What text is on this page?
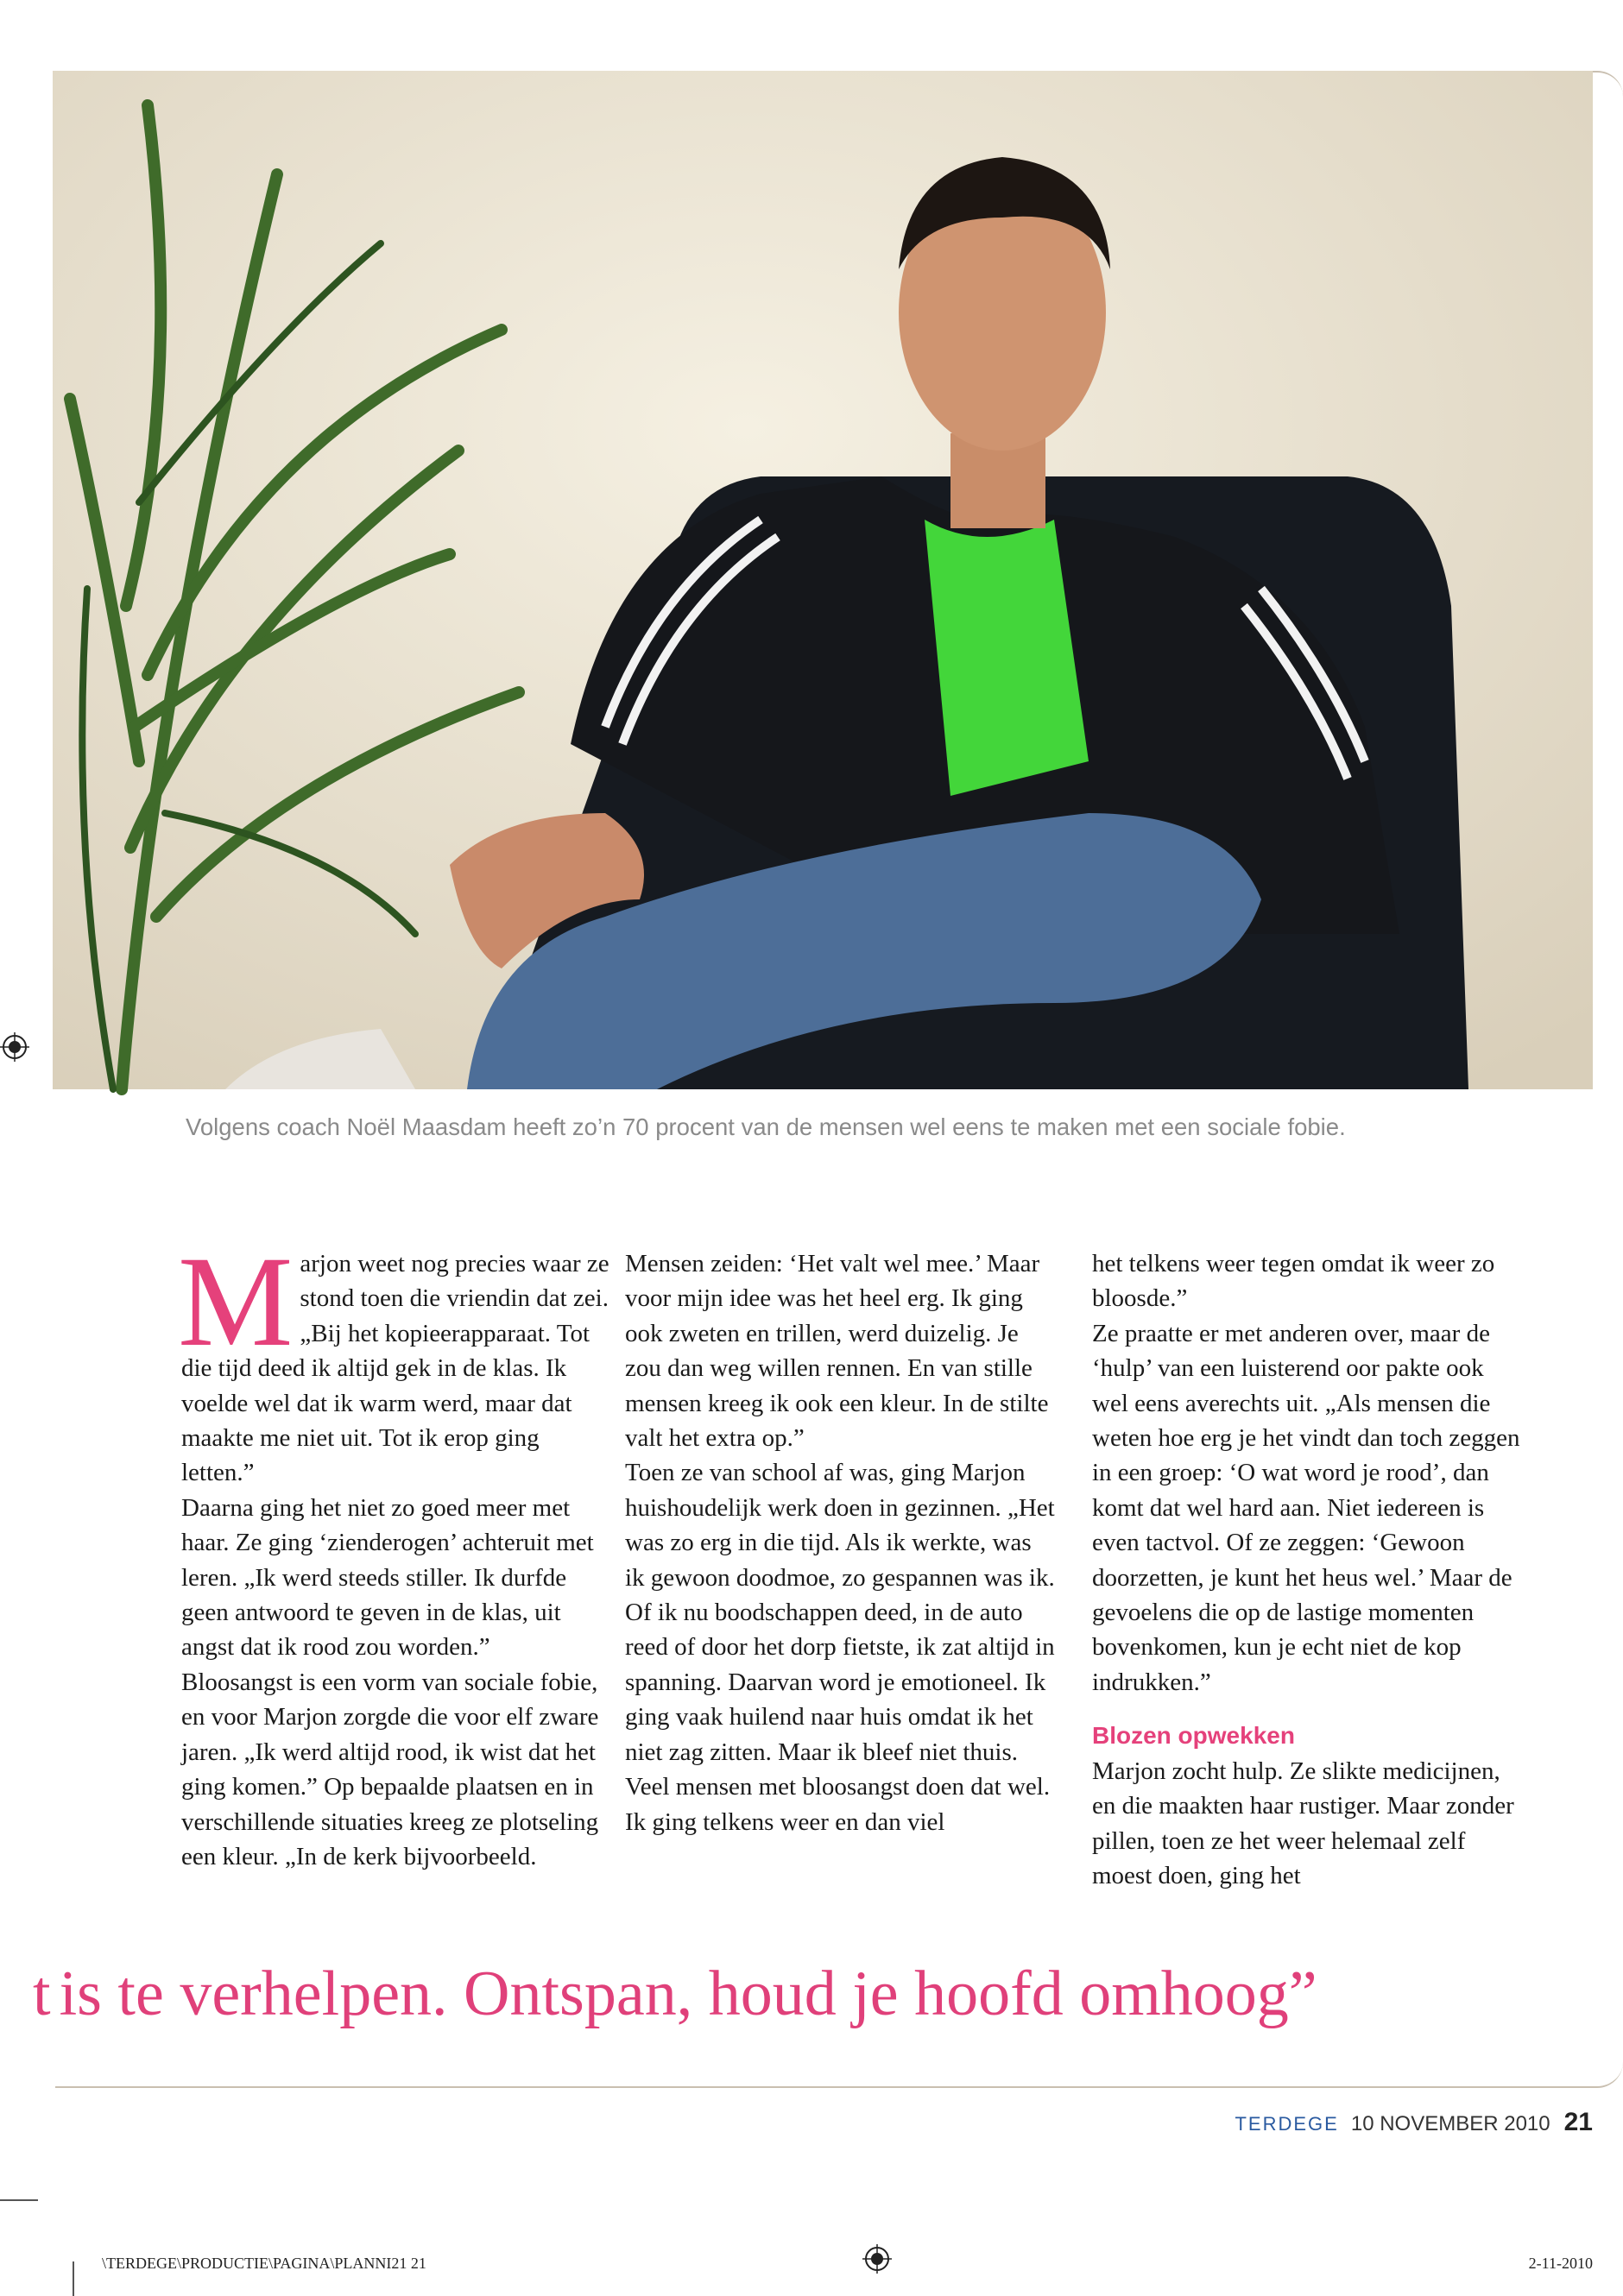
Volgens coach Noël Maasdam heeft zo’n 70 procent van de mensen wel eens te maken met een sociale fobie.
M arjon weet nog precies waar ze stond toen die vriendin dat zei. „Bij het kopieerapparaat. Tot die tijd deed ik altijd gek in de klas. Ik voelde wel dat ik warm werd, maar dat maakte me niet uit. Tot ik erop ging letten.”

Daarna ging het niet zo goed meer met haar. Ze ging ‘zienderogen’ achteruit met leren. „Ik werd steeds stiller. Ik durfde geen antwoord te geven in de klas, uit angst dat ik rood zou worden.”

Bloosangst is een vorm van sociale fobie, en voor Marjon zorgde die voor elf zware jaren. „Ik werd altijd rood, ik wist dat het ging komen.” Op bepaalde plaatsen en in verschillende situaties kreeg ze plotseling een kleur. „In de kerk bijvoorbeeld.

Mensen zeiden: ‘Het valt wel mee.’ Maar voor mijn idee was het heel erg. Ik ging ook zweten en trillen, werd duizelig. Je zou dan weg willen rennen. En van stille mensen kreeg ik ook een kleur. In de stilte valt het extra op.”

Toen ze van school af was, ging Marjon huishoudelijk werk doen in gezinnen. „Het was zo erg in die tijd. Als ik werkte, was ik gewoon doodmoe, zo gespannen was ik. Of ik nu boodschappen deed, in de auto reed of door het dorp fietste, ik zat altijd in spanning. Daarvan word je emotioneel. Ik ging vaak huilend naar huis omdat ik het niet zag zitten. Maar ik bleef niet thuis. Veel mensen met bloosangst doen dat wel. Ik ging telkens weer en dan viel

het telkens weer tegen omdat ik weer zo bloosde.”

Ze praatte er met anderen over, maar de ‘hulp’ van een luisterend oor pakte ook wel eens averechts uit. „Als mensen die weten hoe erg je het vindt dan toch zeggen in een groep: ‘O wat word je rood’, dan komt dat wel hard aan. Niet iedereen is even tactvol. Of ze zeggen: ‘Gewoon doorzetten, je kunt het heus wel.’ Maar de gevoelens die op de lastige momenten bovenkomen, kun je echt niet de kop indrukken.”

Blozen opwekken

Marjon zocht hulp. Ze slikte medicijnen, en die maakten haar rustiger. Maar zonder pillen, toen ze het weer helemaal zelf moest doen, ging het

t is te verhelpen. Ontspan, houd je hoofd omhoog”
TERDEGE 10 NOVEMBER 2010 21
\TERDEGE\PRODUCTIE\PAGINA\PLANNI21 21	2-11-2010
